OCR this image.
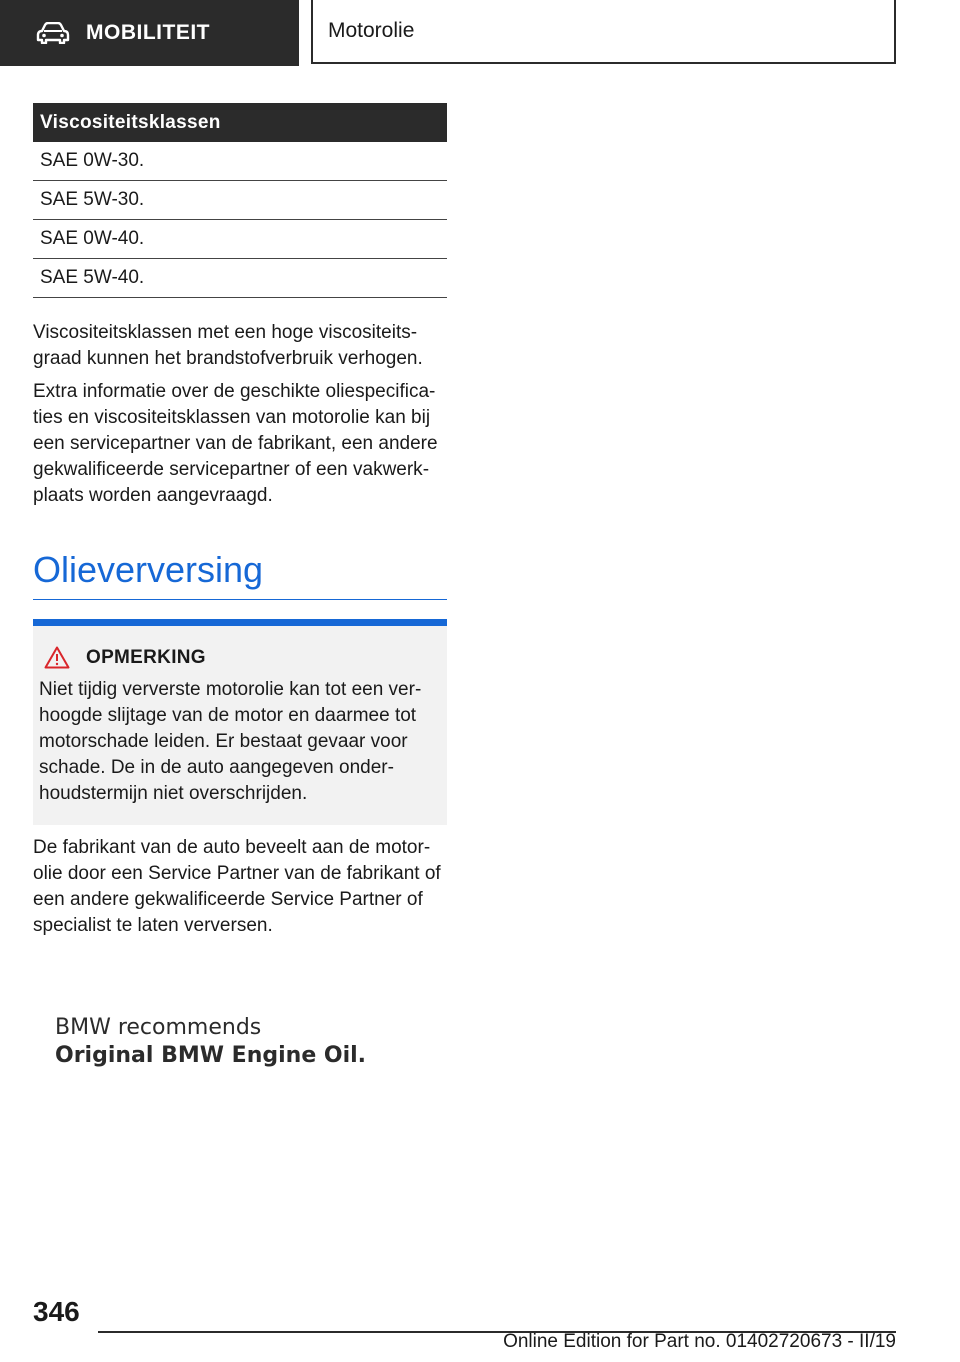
MOBILITEIT	Motorolie
Viscositeitsklassen
SAE 0W-30.
SAE 5W-30.
SAE 0W-40.
SAE 5W-40.

Viscositeitsklassen met een hoge viscositeitsgraad kunnen het brandstofverbruik verhogen.

Extra informatie over de geschikte oliespecificaties en viscositeitsklassen van motorolie kan bij een servicepartner van de fabrikant, een andere gekwalificeerde servicepartner of een vakwerkplaats worden aangevraagd.

Olieverversing
OPMERKING

Niet tijdig ververste motorolie kan tot een verhoogde slijtage van de motor en daarmee tot motorschade leiden. Er bestaat gevaar voor schade. De in de auto aangegeven onderhoudstermijn niet overschrijden.

De fabrikant van de auto beveelt aan de motorolie door een Service Partner van de fabrikant of een andere gekwalificeerde Service Partner of specialist te laten verversen.

BMW recommends
Original BMW Engine Oil.
346
Online Edition for Part no. 01402720673 - II/19
